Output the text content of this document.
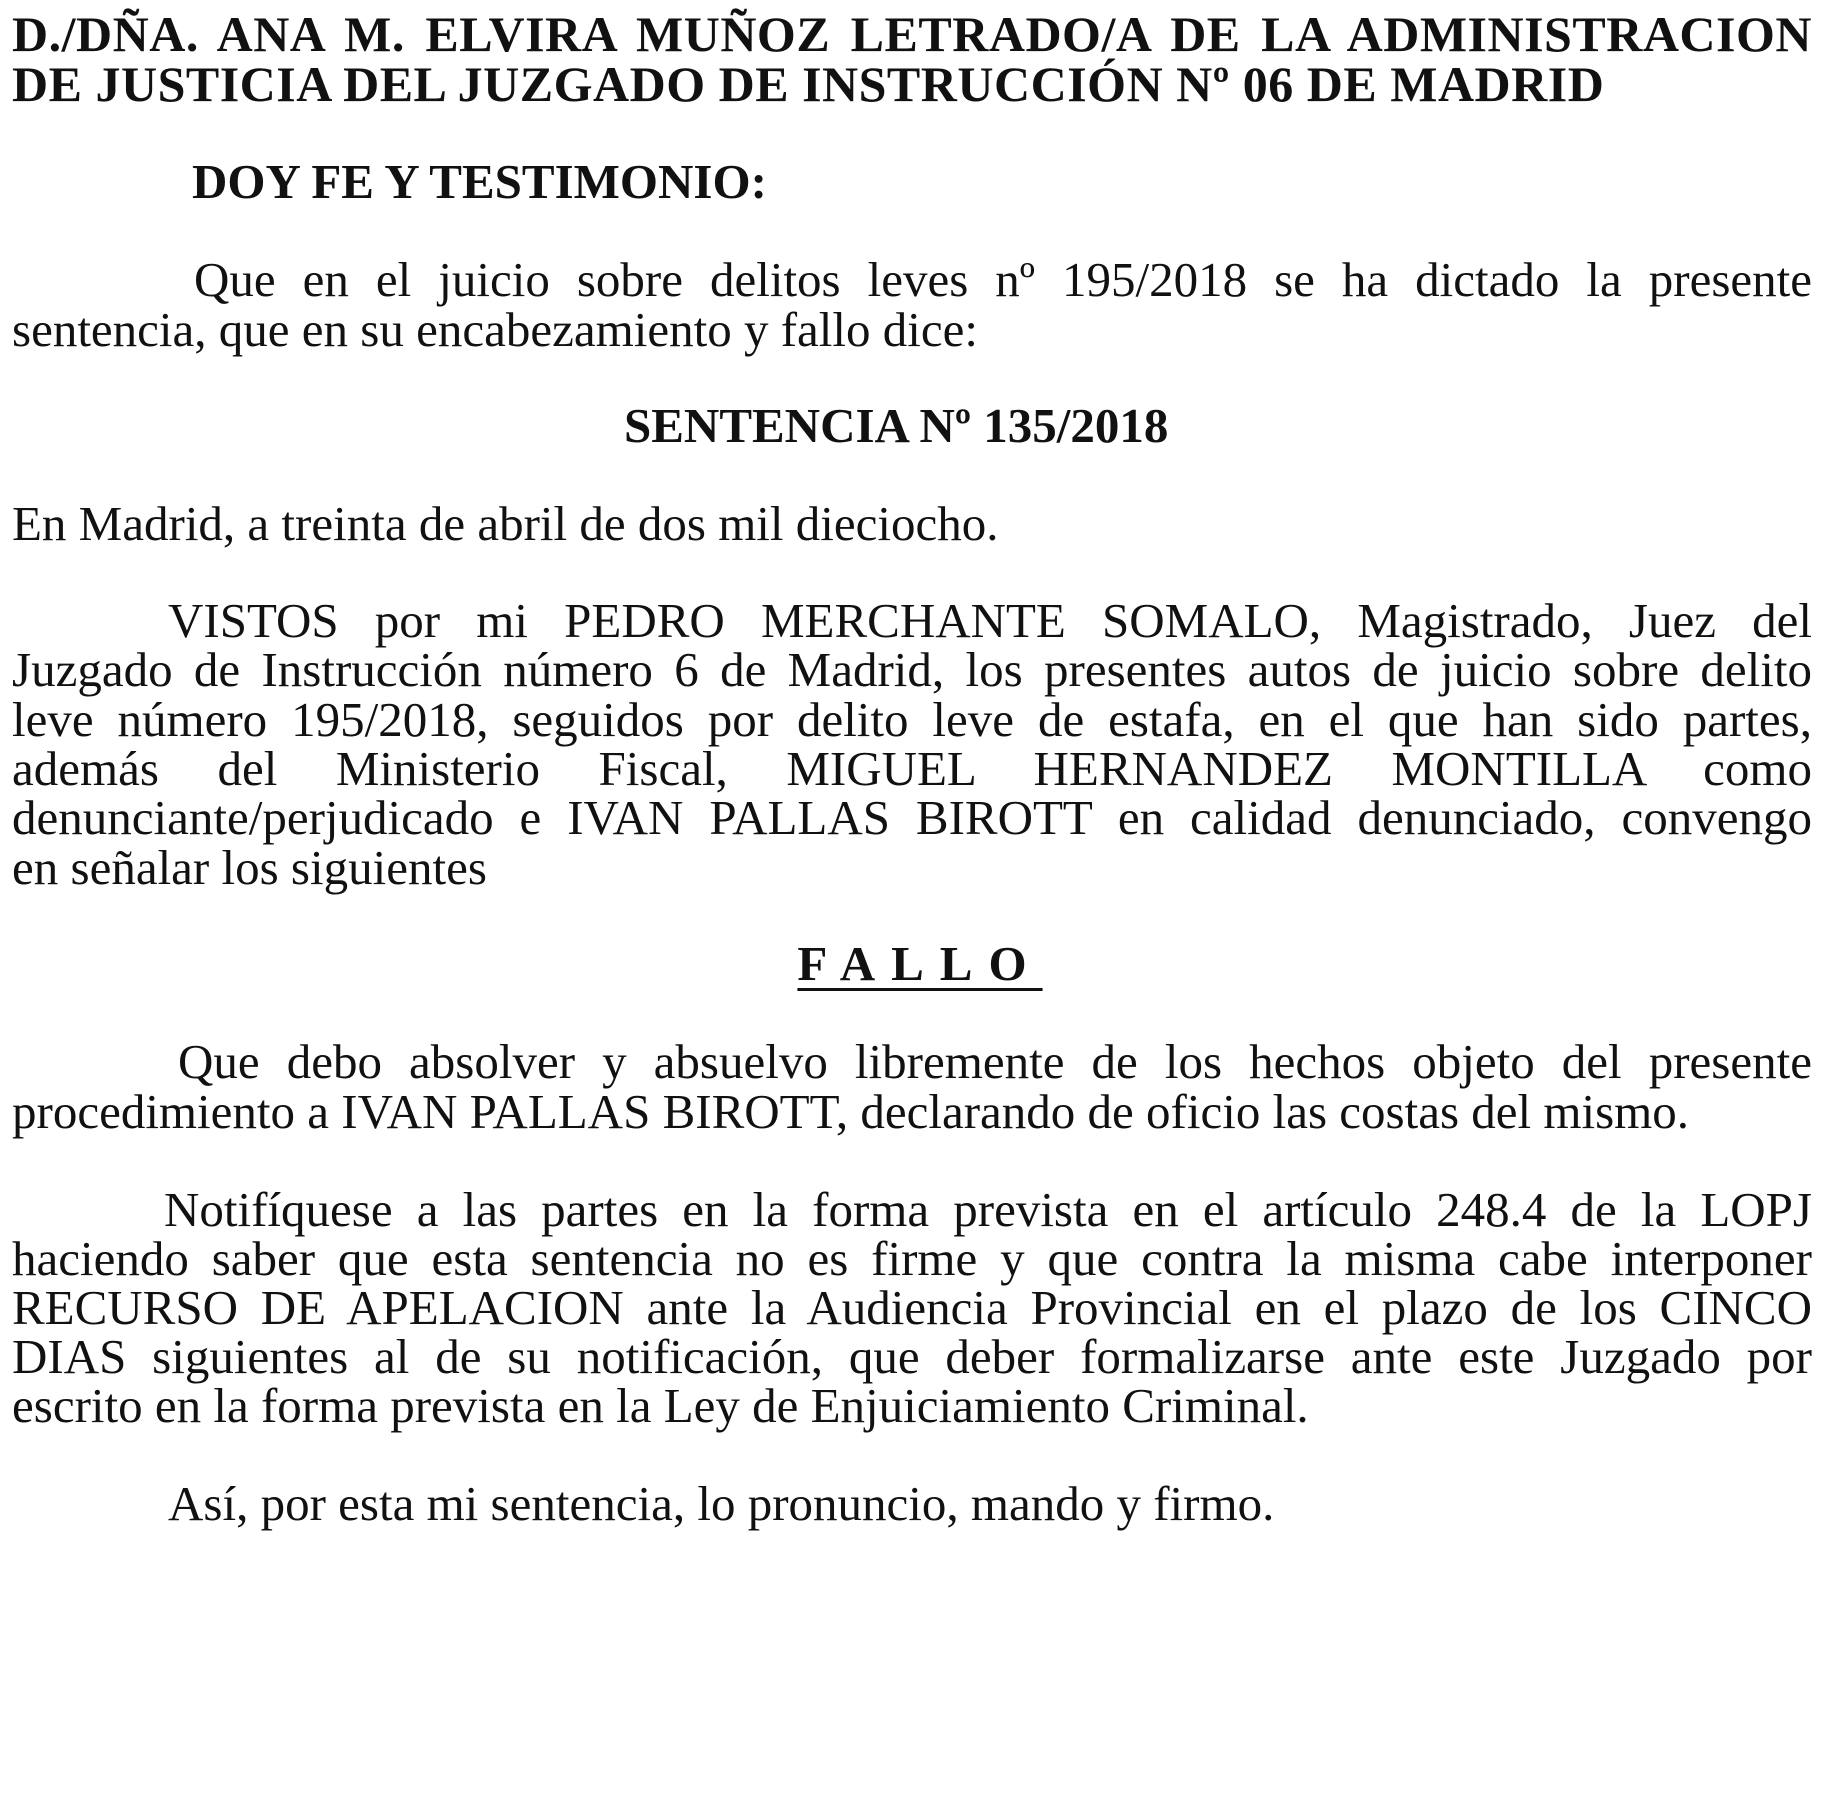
D./DÑA. ANA M. ELVIRA MUÑOZ LETRADO/A DE LA ADMINISTRACION
DE JUSTICIA DEL JUZGADO DE INSTRUCCIÓN Nº 06 DE MADRID
DOY FE Y TESTIMONIO:
Que en el juicio sobre delitos leves nº 195/2018 se ha dictado la presente
sentencia, que en su encabezamiento y fallo dice:
SENTENCIA Nº 135/2018
En Madrid, a treinta de abril de dos mil dieciocho.
VISTOS por mi PEDRO MERCHANTE SOMALO, Magistrado, Juez del
Juzgado de Instrucción número 6 de Madrid, los presentes autos de juicio sobre delito
leve número 195/2018, seguidos por delito leve de estafa, en el que han sido partes,
además del Ministerio Fiscal, MIGUEL HERNANDEZ MONTILLA como
denunciante/perjudicado e IVAN PALLAS BIROTT en calidad denunciado, convengo
en señalar los siguientes
FALLO
Que debo absolver y absuelvo libremente de los hechos objeto del presente
procedimiento a IVAN PALLAS BIROTT, declarando de oficio las costas del mismo.
Notifíquese a las partes en la forma prevista en el artículo 248.4 de la LOPJ
haciendo saber que esta sentencia no es firme y que contra la misma cabe interponer
RECURSO DE APELACION ante la Audiencia Provincial en el plazo de los CINCO
DIAS siguientes al de su notificación, que deber formalizarse ante este Juzgado por
escrito en la forma prevista en la Ley de Enjuiciamiento Criminal.
Así, por esta mi sentencia, lo pronuncio, mando y firmo.
